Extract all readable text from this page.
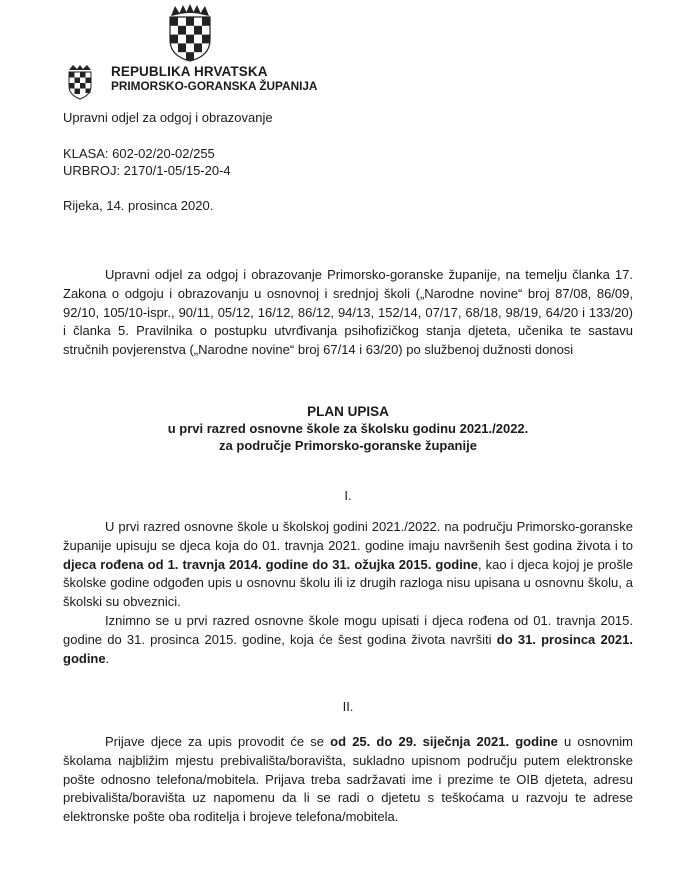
REPUBLIKA HRVATSKA
PRIMORSKO-GORANSKA ŽUPANIJA
Upravni odjel za odgoj i obrazovanje
KLASA: 602-02/20-02/255
URBROJ: 2170/1-05/15-20-4
Rijeka, 14. prosinca 2020.

Upravni odjel za odgoj i obrazovanje Primorsko-goranske županije, na temelju članka 17. Zakona o odgoju i obrazovanju u osnovnoj i srednjoj školi („Narodne novine“ broj 87/08, 86/09, 92/10, 105/10-ispr., 90/11, 05/12, 16/12, 86/12, 94/13, 152/14, 07/17, 68/18, 98/19, 64/20 i 133/20) i članka 5. Pravilnika o postupku utvrđivanja psihofizičkog stanja djeteta, učenika te sastavu stručnih povjerenstva („Narodne novine“ broj 67/14 i 63/20) po službenoj dužnosti donosi

PLAN UPISA
u prvi razred osnovne škole za školsku godinu 2021./2022.
za područje Primorsko-goranske županije
I.

U prvi razred osnovne škole u školskoj godini 2021./2022. na području Primorsko-goranske županije upisuju se djeca koja do 01. travnja 2021. godine imaju navršenih šest godina života i to djeca rođena od 1. travnja 2014. godine do 31. ožujka 2015. godine, kao i djeca kojoj je prošle školske godine odgođen upis u osnovnu školu ili iz drugih razloga nisu upisana u osnovnu školu, a školski su obveznici.

Iznimno se u prvi razred osnovne škole mogu upisati i djeca rođena od 01. travnja 2015. godine do 31. prosinca 2015. godine, koja će šest godina života navršiti do 31. prosinca 2021. godine.

II.

Prijave djece za upis provodit će se od 25. do 29. siječnja 2021. godine u osnovnim školama najbližim mjestu prebivališta/boravišta, sukladno upisnom području putem elektronske pošte odnosno telefona/mobitela. Prijava treba sadržavati ime i prezime te OIB djeteta, adresu prebivališta/boravišta uz napomenu da li se radi o djetetu s teškoćama u razvoju te adrese elektronske pošte oba roditelja i brojeve telefona/mobitela.
